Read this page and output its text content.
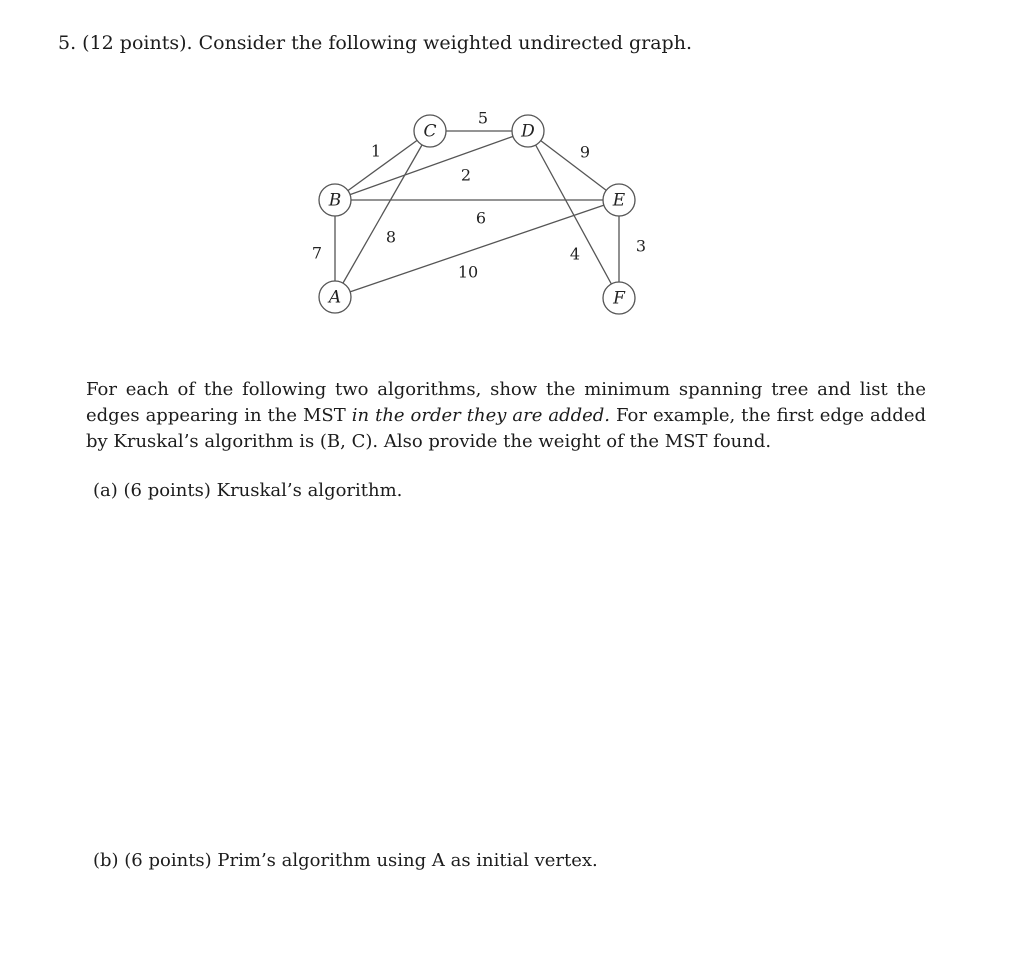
5. (12 points). Consider the following weighted undirected graph.
1
5
2
9
6
7
8
10
4	3
A
B
C	D
E
F

For each of the following two algorithms, show the minimum spanning tree and list the edges appearing in the MST in the order they are added. For example, the first edge added by Kruskal’s algorithm is (B, C). Also provide the weight of the MST found.

(a) (6 points) Kruskal’s algorithm.
(b) (6 points) Prim’s algorithm using A as initial vertex.
